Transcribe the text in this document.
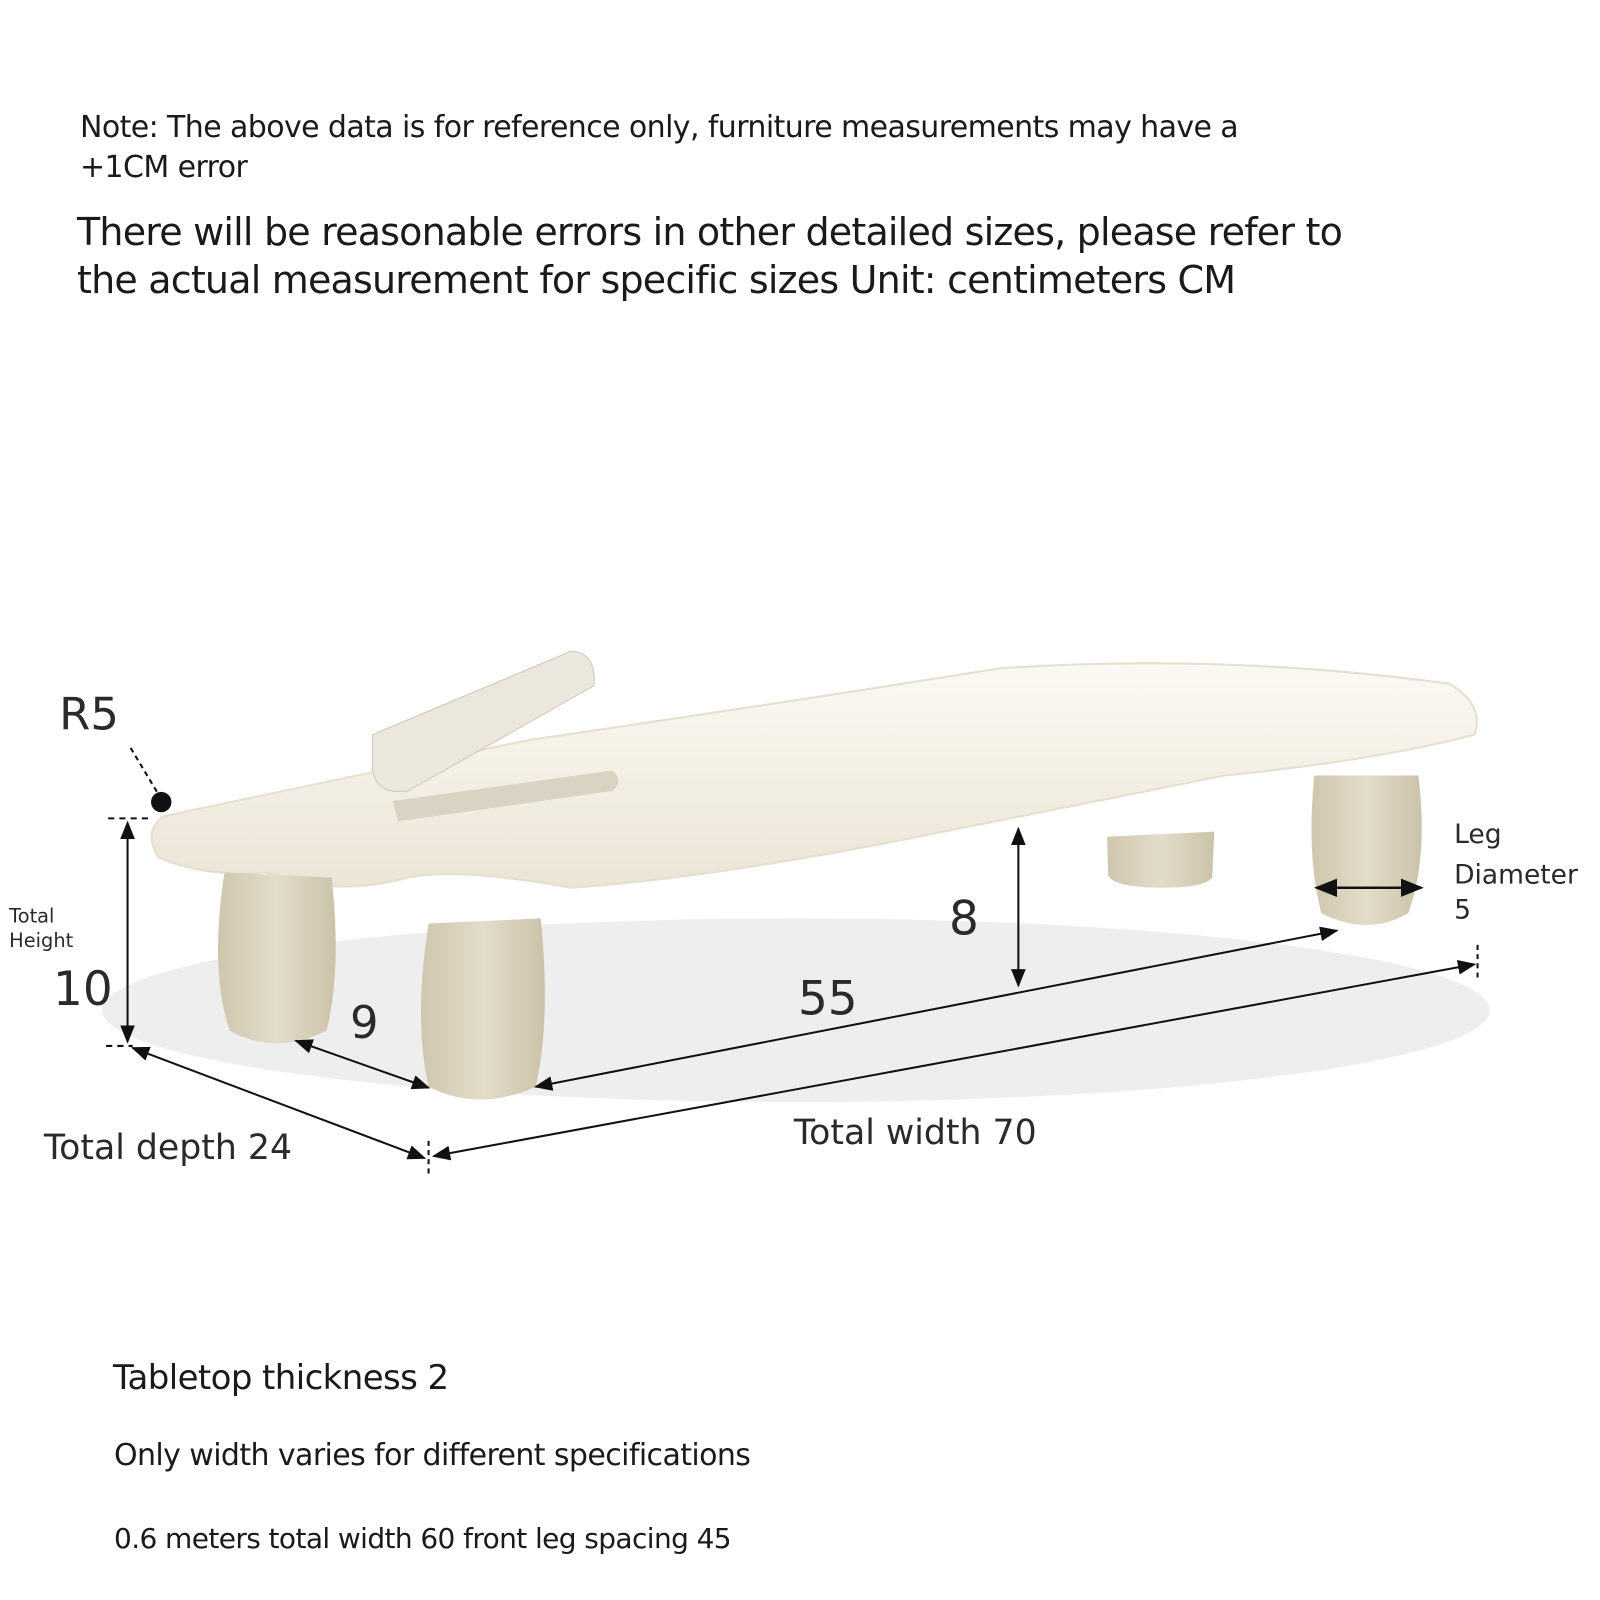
Note: The above data is for reference only, furniture measurements may have a
+1CM error
There will be reasonable errors in other detailed sizes, please refer to
the actual measurement for specific sizes Unit: centimeters CM
R5
Total
Height
10
Total depth 24
9	55
8
Total width 70
Leg
Diameter
5
Tabletop thickness 2
Only width varies for different specifications
0.6 meters total width 60 front leg spacing 45
